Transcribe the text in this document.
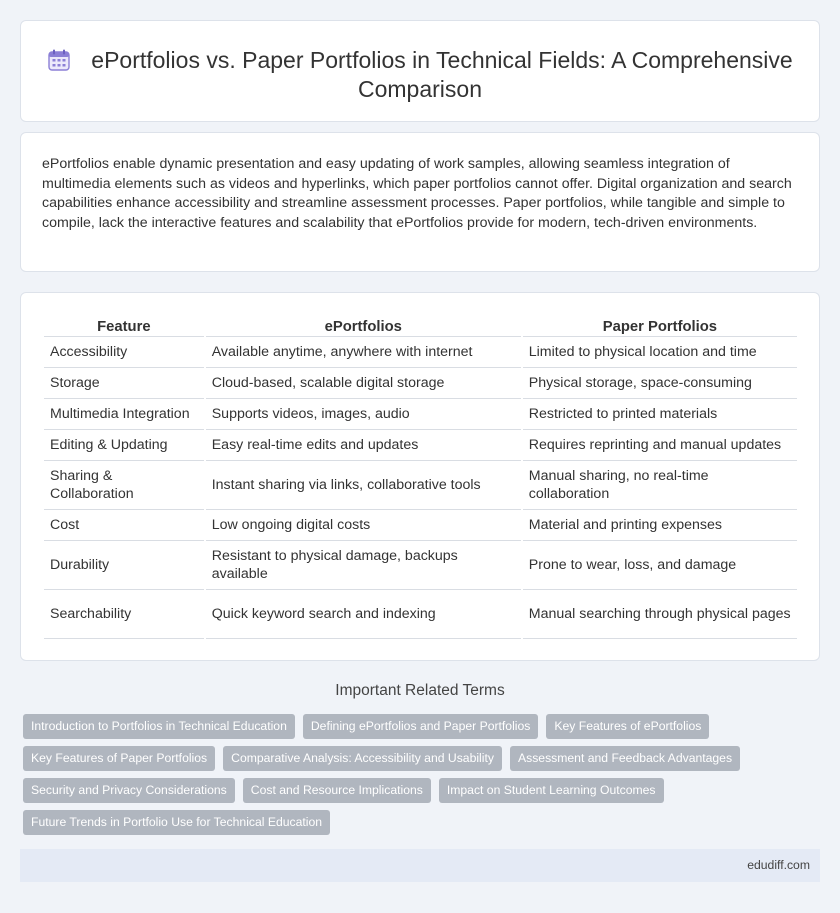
ePortfolios vs. Paper Portfolios in Technical Fields: A Comprehensive Comparison

ePortfolios enable dynamic presentation and easy updating of work samples, allowing seamless integration of multimedia elements such as videos and hyperlinks, which paper portfolios cannot offer. Digital organization and search capabilities enhance accessibility and streamline assessment processes. Paper portfolios, while tangible and simple to compile, lack the interactive features and scalability that ePortfolios provide for modern, tech-driven environments.

Feature	ePortfolios	Paper Portfolios
Accessibility	Available anytime, anywhere with internet	Limited to physical location and time
Storage	Cloud-based, scalable digital storage	Physical storage, space-consuming
Multimedia Integration	Supports videos, images, audio	Restricted to printed materials
Editing & Updating	Easy real-time edits and updates	Requires reprinting and manual updates
Sharing & Collaboration	Instant sharing via links, collaborative tools	Manual sharing, no real-time collaboration
Cost	Low ongoing digital costs	Material and printing expenses
Durability	Resistant to physical damage, backups available	Prone to wear, loss, and damage
Searchability	Quick keyword search and indexing	Manual searching through physical pages
Important Related Terms
Introduction to Portfolios in Technical Education Defining ePortfolios and Paper Portfolios Key Features of ePortfolios
Key Features of Paper Portfolios Comparative Analysis: Accessibility and Usability Assessment and Feedback Advantages
Security and Privacy Considerations Cost and Resource Implications Impact on Student Learning Outcomes
Future Trends in Portfolio Use for Technical Education
edudiff.com
